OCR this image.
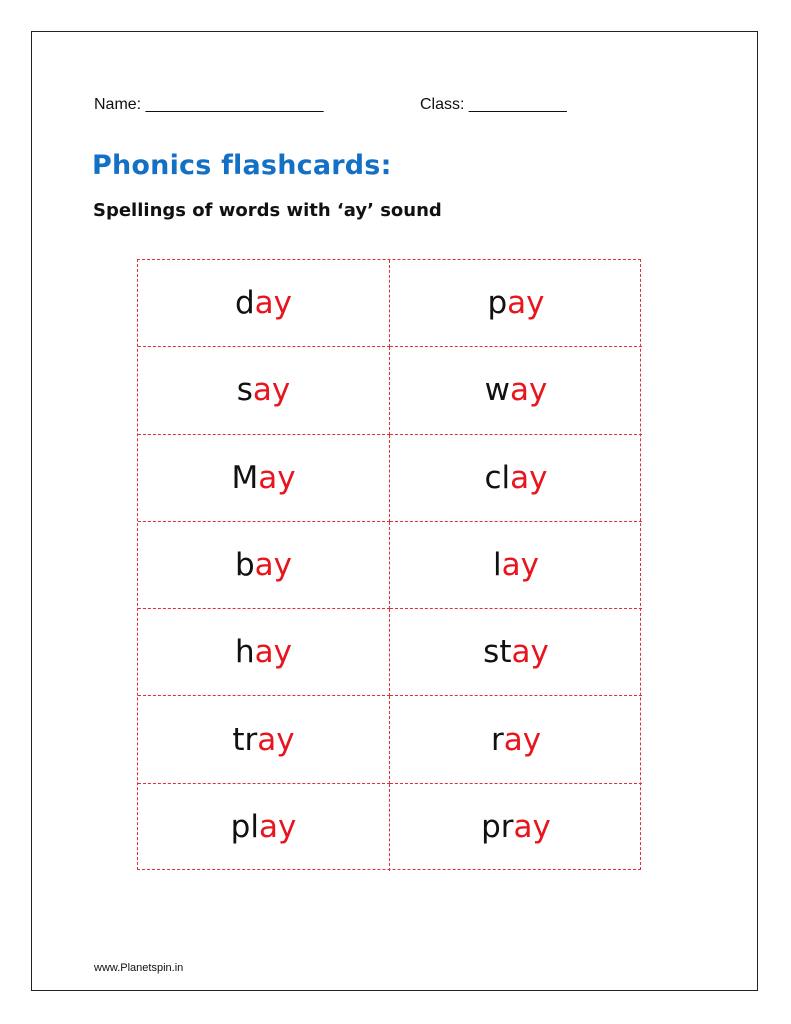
Name: ____________________	Class: ___________
Phonics flashcards:
Spellings of words with ‘ay’ sound
d ay	p ay
s ay	w ay
M ay	cl ay
b ay	l ay
h ay	st ay
tr ay	r ay
pl ay	pr ay
www.Planetspin.in
